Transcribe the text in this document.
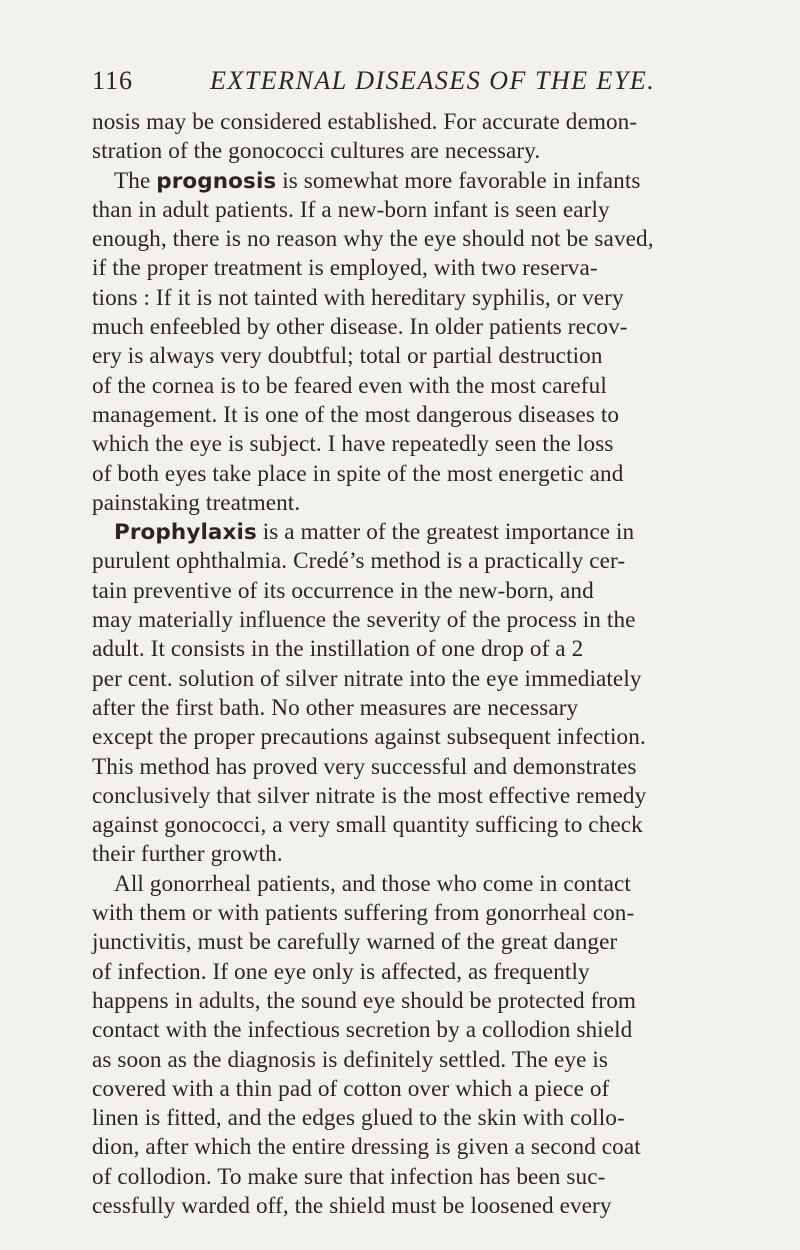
116	EXTERNAL DISEASES OF THE EYE.
nosis may be considered established. For accurate demon-
stration of the gonococci cultures are necessary.
The prognosis is somewhat more favorable in infants
than in adult patients. If a new-born infant is seen early
enough, there is no reason why the eye should not be saved,
if the proper treatment is employed, with two reserva-
tions : If it is not tainted with hereditary syphilis, or very
much enfeebled by other disease. In older patients recov-
ery is always very doubtful; total or partial destruction
of the cornea is to be feared even with the most careful
management. It is one of the most dangerous diseases to
which the eye is subject. I have repeatedly seen the loss
of both eyes take place in spite of the most energetic and
painstaking treatment.
Prophylaxis is a matter of the greatest importance in
purulent ophthalmia. Credé’s method is a practically cer-
tain preventive of its occurrence in the new-born, and
may materially influence the severity of the process in the
adult. It consists in the instillation of one drop of a 2
per cent. solution of silver nitrate into the eye immediately
after the first bath. No other measures are necessary
except the proper precautions against subsequent infection.
This method has proved very successful and demonstrates
conclusively that silver nitrate is the most effective remedy
against gonococci, a very small quantity sufficing to check
their further growth.
All gonorrheal patients, and those who come in contact
with them or with patients suffering from gonorrheal con-
junctivitis, must be carefully warned of the great danger
of infection. If one eye only is affected, as frequently
happens in adults, the sound eye should be protected from
contact with the infectious secretion by a collodion shield
as soon as the diagnosis is definitely settled. The eye is
covered with a thin pad of cotton over which a piece of
linen is fitted, and the edges glued to the skin with collo-
dion, after which the entire dressing is given a second coat
of collodion. To make sure that infection has been suc-
cessfully warded off, the shield must be loosened every
